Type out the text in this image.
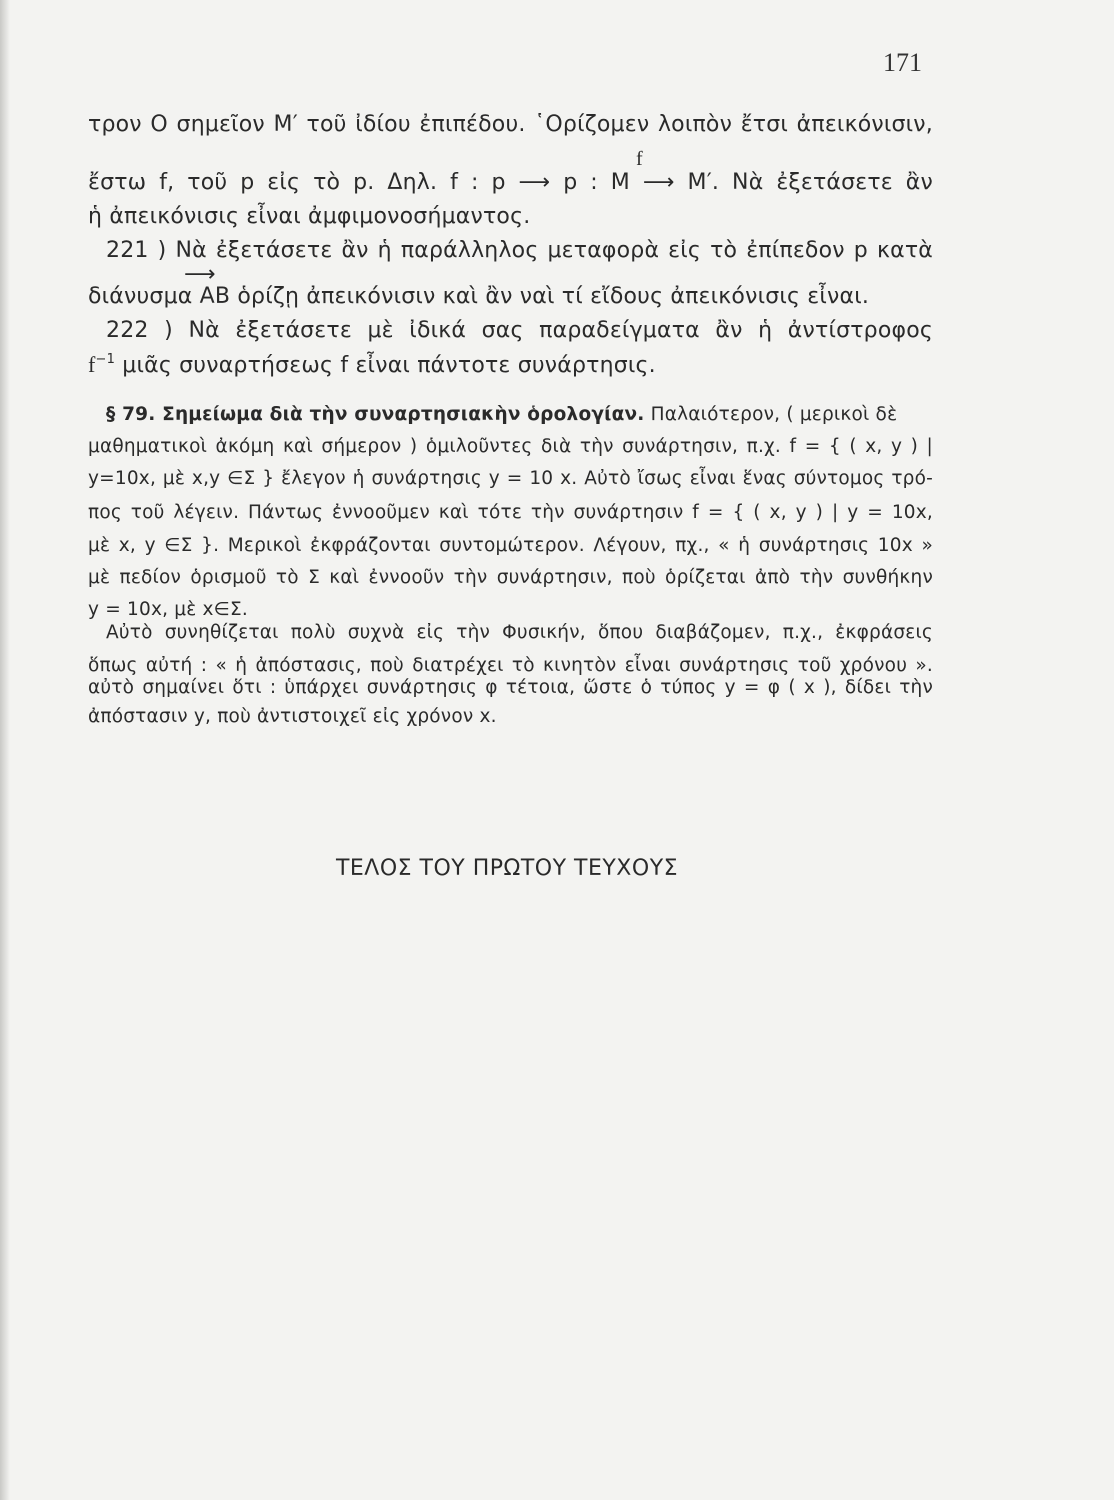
171
τρον Ο σημεῖον Μ′ τοῦ ἰδίου ἐπιπέδου. ῾Ορίζομεν λοιπὸν ἔτσι ἀπεικόνισιν,
f
ἔστω f, τοῦ p εἰς τὸ p. Δηλ. f : p ⟶ p : M ⟶ M′. Νὰ ἐξετάσετε ἂν
ἡ ἀπεικόνισις εἶναι ἀμφιμονοσήμαντος.
221 ) Νὰ ἐξετάσετε ἂν ἡ παράλληλος μεταφορὰ εἰς τὸ ἐπίπεδον p κατὰ
⟶
διάνυσμα ΑΒ ὁρίζῃ ἀπεικόνισιν καὶ ἂν ναὶ τί εἴδους ἀπεικόνισις εἶναι.
222 ) Νὰ ἐξετάσετε μὲ ἰδικά σας παραδείγματα ἂν ἡ ἀντίστροφος
$f^{-1}$ μιᾶς συναρτήσεως f εἶναι πάντοτε συνάρτησις.
§ 79. Σημείωμα διὰ τὴν συναρτησιακὴν ὁρολογίαν. Παλαιότερον, ( μερικοὶ δὲ
μαθηματικοὶ ἀκόμη καὶ σήμερον ) ὁμιλοῦντες διὰ τὴν συνάρτησιν, π.χ. f = { ( x, y ) |
y=10x, μὲ x,y ∈Σ } ἔλεγον ἡ συνάρτησις y = 10 x. Αὐτὸ ἴσως εἶναι ἕνας σύντομος τρό-
πος τοῦ λέγειν. Πάντως ἐννοοῦμεν καὶ τότε τὴν συνάρτησιν f = { ( x, y ) | y = 10x,
μὲ x, y ∈Σ }. Μερικοὶ ἐκφράζονται συντομώτερον. Λέγουν, πχ., « ἡ συνάρτησις 10x »
μὲ πεδίον ὁρισμοῦ τὸ Σ καὶ ἐννοοῦν τὴν συνάρτησιν, ποὺ ὁρίζεται ἀπὸ τὴν συνθήκην
y = 10x, μὲ x∈Σ.
Αὐτὸ συνηθίζεται πολὺ συχνὰ εἰς τὴν Φυσικήν, ὅπου διαβάζομεν, π.χ., ἐκφράσεις
ὅπως αὐτή : « ἡ ἀπόστασις, ποὺ διατρέχει τὸ κινητὸν εἶναι συνάρτησις τοῦ χρόνου ».
αὐτὸ σημαίνει ὅτι : ὑπάρχει συνάρτησις φ τέτοια, ὥστε ὁ τύπος y = φ ( x ), δίδει τὴν
ἀπόστασιν y, ποὺ ἀντιστοιχεῖ εἰς χρόνον x.
ΤΕΛΟΣ ΤΟΥ ΠΡΩΤΟΥ ΤΕΥΧΟΥΣ
